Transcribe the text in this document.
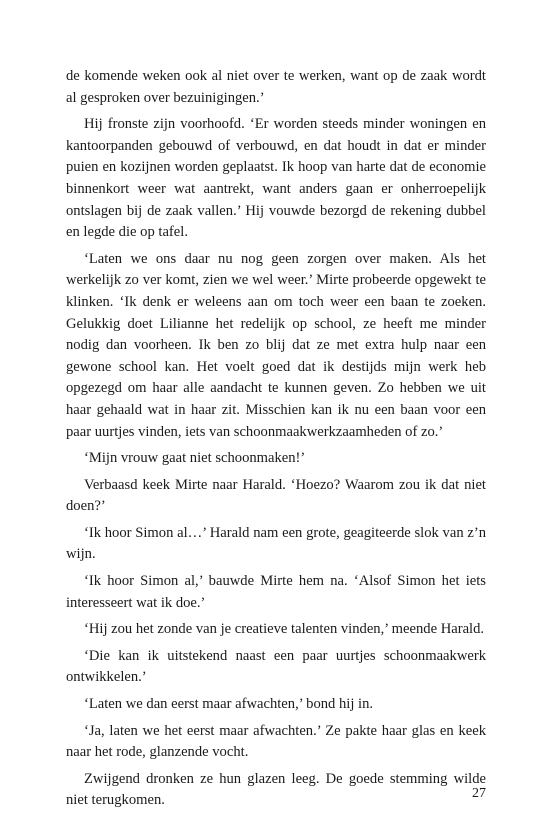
de komende weken ook al niet over te werken, want op de zaak wordt al gesproken over bezuinigingen.’

Hij fronste zijn voorhoofd. ‘Er worden steeds minder woningen en kantoorpanden gebouwd of verbouwd, en dat houdt in dat er minder puien en kozijnen worden geplaatst. Ik hoop van harte dat de economie binnenkort weer wat aantrekt, want anders gaan er onherroepelijk ontslagen bij de zaak vallen.’ Hij vouwde bezorgd de rekening dubbel en legde die op tafel.

‘Laten we ons daar nu nog geen zorgen over maken. Als het werkelijk zo ver komt, zien we wel weer.’ Mirte probeerde opgewekt te klinken. ‘Ik denk er weleens aan om toch weer een baan te zoeken. Gelukkig doet Lilianne het redelijk op school, ze heeft me minder nodig dan voorheen. Ik ben zo blij dat ze met extra hulp naar een gewone school kan. Het voelt goed dat ik destijds mijn werk heb opgezegd om haar alle aandacht te kunnen geven. Zo hebben we uit haar gehaald wat in haar zit. Misschien kan ik nu een baan voor een paar uurtjes vinden, iets van schoonmaakwerkzaamheden of zo.’

‘Mijn vrouw gaat niet schoonmaken!’

Verbaasd keek Mirte naar Harald. ‘Hoezo? Waarom zou ik dat niet doen?’

‘Ik hoor Simon al…’ Harald nam een grote, geagiteerde slok van z’n wijn.

‘Ik hoor Simon al,’ bauwde Mirte hem na. ‘Alsof Simon het iets interesseert wat ik doe.’

‘Hij zou het zonde van je creatieve talenten vinden,’ meende Harald.

‘Die kan ik uitstekend naast een paar uurtjes schoonmaakwerk ontwikkelen.’

‘Laten we dan eerst maar afwachten,’ bond hij in.

‘Ja, laten we het eerst maar afwachten.’ Ze pakte haar glas en keek naar het rode, glanzende vocht.

Zwijgend dronken ze hun glazen leeg. De goede stemming wilde niet terugkomen.	27
